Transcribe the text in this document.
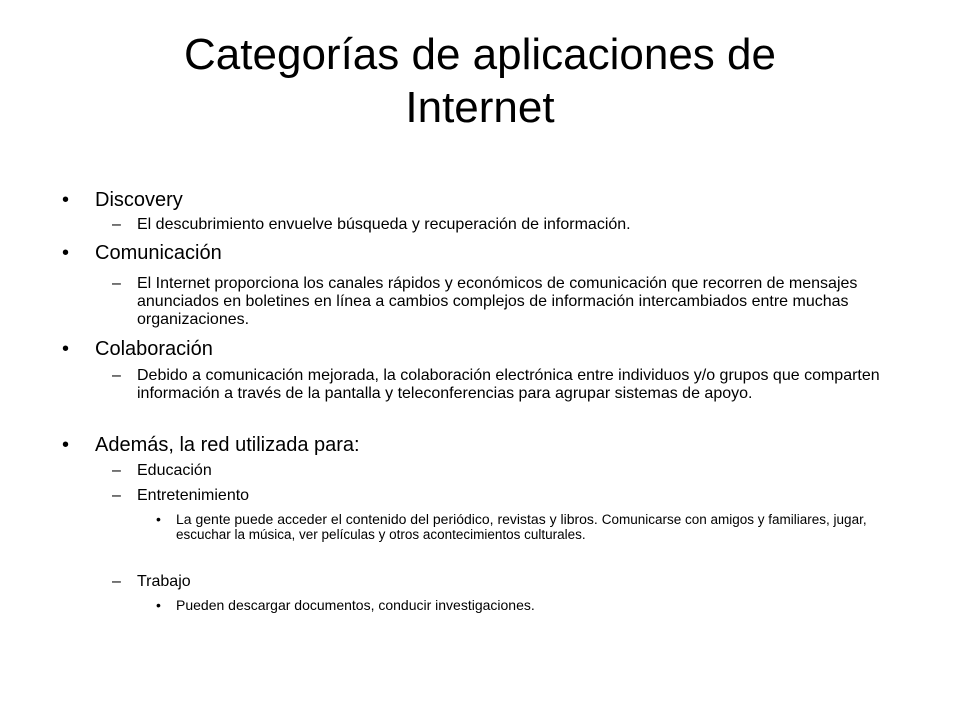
Categorías de aplicaciones de
Internet
• Discovery
– El descubrimiento envuelve búsqueda y recuperación de información.
• Comunicación
– El Internet proporciona los canales rápidos y económicos de comunicación que recorren de mensajes anunciados en boletines en línea a cambios complejos de información intercambiados entre muchas organizaciones.
• Colaboración
– Debido a comunicación mejorada, la colaboración electrónica entre individuos y/o grupos que comparten información a través de la pantalla y teleconferencias para agrupar sistemas de apoyo.
• Además, la red utilizada para:
– Educación
– Entretenimiento
• La gente puede acceder el contenido del periódico, revistas y libros. Comunicarse con amigos y familiares, jugar, escuchar la música, ver películas y otros acontecimientos culturales.
– Trabajo
• Pueden descargar documentos, conducir investigaciones.
